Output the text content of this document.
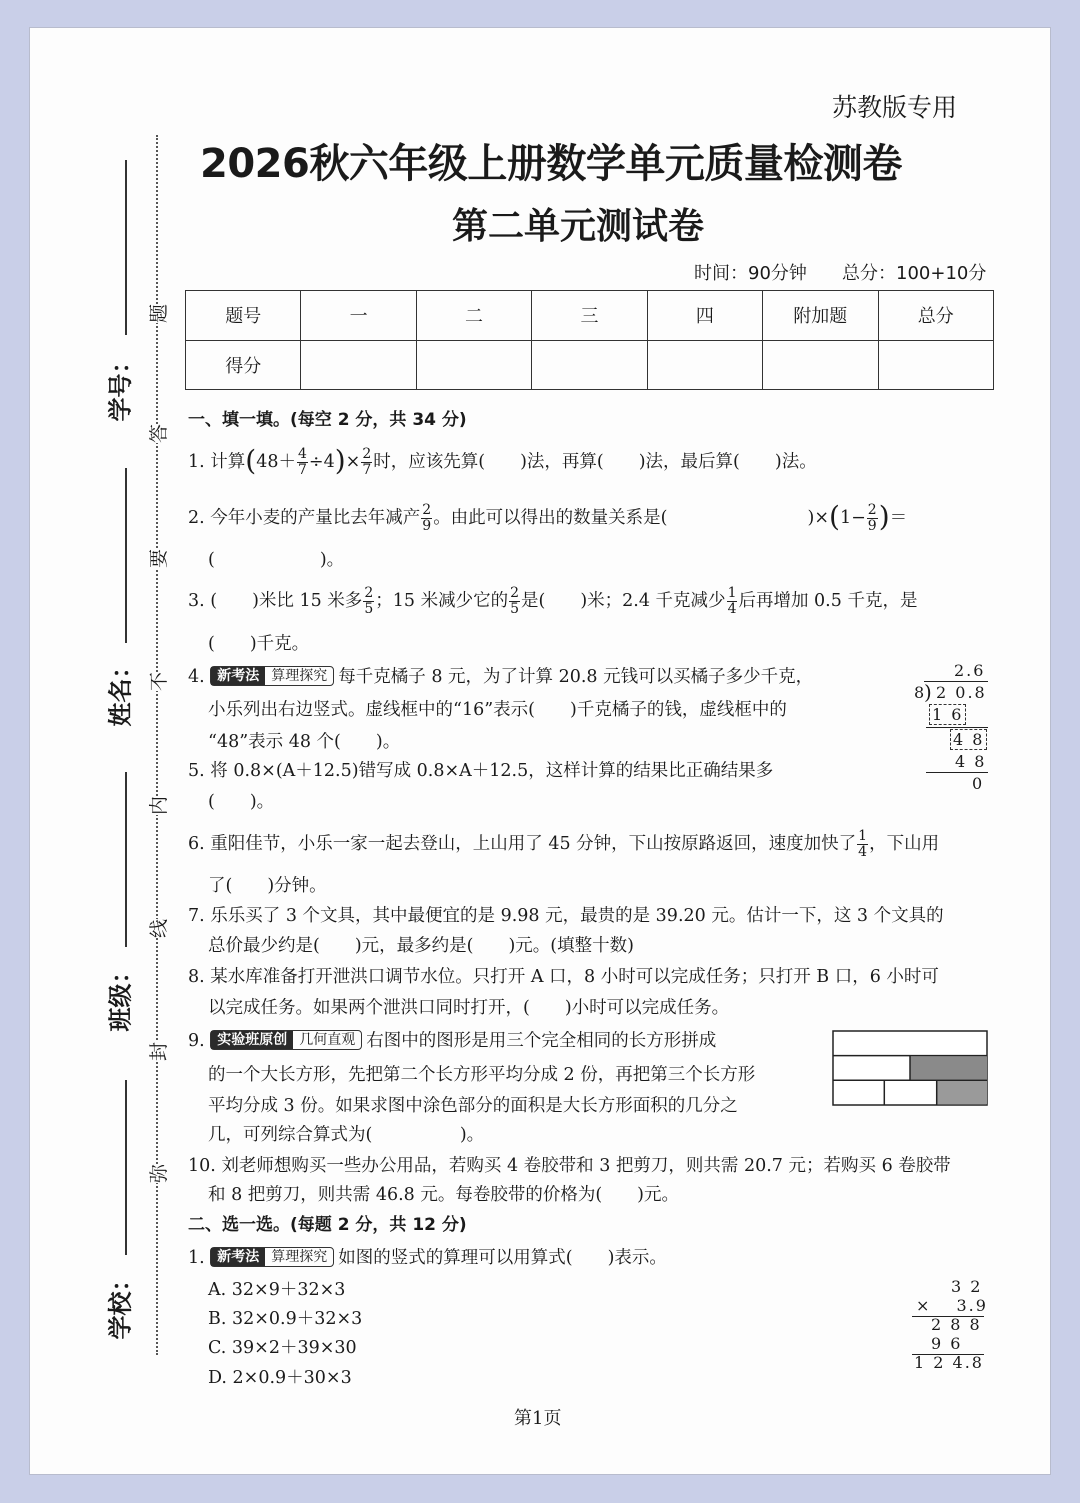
苏教版专用
2026秋六年级上册数学单元质量检测卷
第二单元测试卷
时间：90分钟 总分：100+10分
题号	一	二	三	四	附加题	总分
得分						
学号：
姓名：
班级：
学校：
题
答
要
不
内
线
封
弥
一、填一填。(每空 2 分，共 34 分)
1. 计算$(48+ \frac{4}{7} \div 4)\times \frac{2}{7}$ 时，应该先算(　　)法，再算(　　)法，最后算(　　)法。
2. 今年小麦的产量比去年减产 $\frac{2}{9}$ 。由此可以得出的数量关系是(　　　　　　　　)$\times(1- \frac{2}{9}$ )＝
(　　　　　　)。
3. (　　)米比 15 米多 $\frac{2}{5}$ ；15 米减少它的 $\frac{2}{5}$ 是(　　)米；2.4 千克减少 $\frac{1}{4}$ 后再增加 0.5 千克，是
(　　)千克。
4. 新考法 算理探究 每千克橘子 8 元，为了计算 20.8 元钱可以买橘子多少千克，
小乐列出右边竖式。虚线框中的“16”表示(　　)千克橘子的钱，虚线框中的
“48”表示 48 个(　　)。
2.6
8
) 2 0.8
1 6
4 8
4 8
0
5. 将 0.8×(A＋12.5)错写成 0.8×A＋12.5，这样计算的结果比正确结果多
(　　)。
6. 重阳佳节，小乐一家一起去登山，上山用了 45 分钟，下山按原路返回，速度加快了 $\frac{1}{4}$ ，下山用
了(　　)分钟。
7. 乐乐买了 3 个文具，其中最便宜的是 9.98 元，最贵的是 39.20 元。估计一下，这 3 个文具的
总价最少约是(　　)元，最多约是(　　)元。(填整十数)
8. 某水库准备打开泄洪口调节水位。只打开 A 口，8 小时可以完成任务；只打开 B 口，6 小时可
以完成任务。如果两个泄洪口同时打开，(　　)小时可以完成任务。
9. 实验班原创 几何直观 右图中的图形是用三个完全相同的长方形拼成
的一个大长方形，先把第二个长方形平均分成 2 份，再把第三个长方形
平均分成 3 份。如果求图中涂色部分的面积是大长方形面积的几分之
几，可列综合算式为(　　　　　)。
10. 刘老师想购买一些办公用品，若购买 4 卷胶带和 3 把剪刀，则共需 20.7 元；若购买 6 卷胶带
和 8 把剪刀，则共需 46.8 元。每卷胶带的价格为(　　)元。
二、选一选。(每题 2 分，共 12 分)
1. 新考法 算理探究 如图的竖式的算理可以用算式(　　)表示。
A. 32×9＋32×3
B. 32×0.9＋32×3
C. 39×2＋39×30
D. 2×0.9＋30×3
3 2
× 　3.9
2 8 8
9 6
1 2 4.8
第1页
